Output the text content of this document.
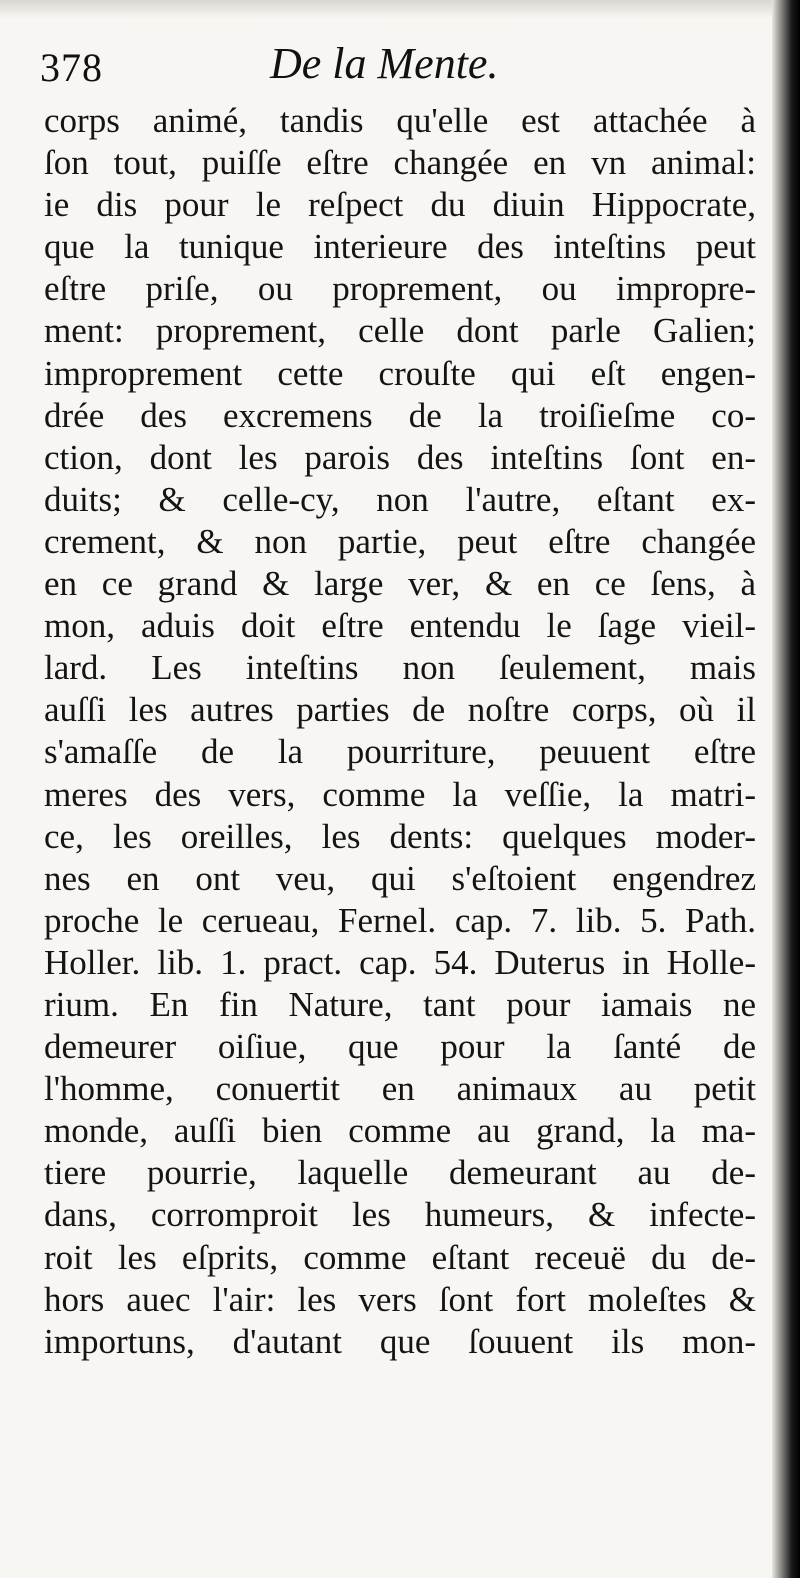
378	De la Mente.
corps animé, tandis qu'elle est attachée à
ſon tout, puiſſe eſtre changée en vn animal:
ie dis pour le reſpect du diuin Hippocrate,
que la tunique interieure des inteſtins peut
eſtre priſe, ou proprement, ou impropre-
ment: proprement, celle dont parle Galien;
improprement cette crouſte qui eſt engen-
drée des excremens de la troiſieſme co-
ction, dont les parois des inteſtins ſont en-
duits; & celle-cy, non l'autre, eſtant ex-
crement, & non partie, peut eſtre changée
en ce grand & large ver, & en ce ſens, à
mon, aduis doit eſtre entendu le ſage vieil-
lard. Les inteſtins non ſeulement, mais
auſſi les autres parties de noſtre corps, où il
s'amaſſe de la pourriture, peuuent eſtre
meres des vers, comme la veſſie, la matri-
ce, les oreilles, les dents: quelques moder-
nes en ont veu, qui s'eſtoient engendrez
proche le cerueau, Fernel. cap. 7. lib. 5. Path.
Holler. lib. 1. pract. cap. 54. Duterus in Holle-
rium. En fin Nature, tant pour iamais ne
demeurer oiſiue, que pour la ſanté de
l'homme, conuertit en animaux au petit
monde, auſſi bien comme au grand, la ma-
tiere pourrie, laquelle demeurant au de-
dans, corromproit les humeurs, & infecte-
roit les eſprits, comme eſtant receuë du de-
hors auec l'air: les vers ſont fort moleſtes &
importuns, d'autant que ſouuent ils mon-
